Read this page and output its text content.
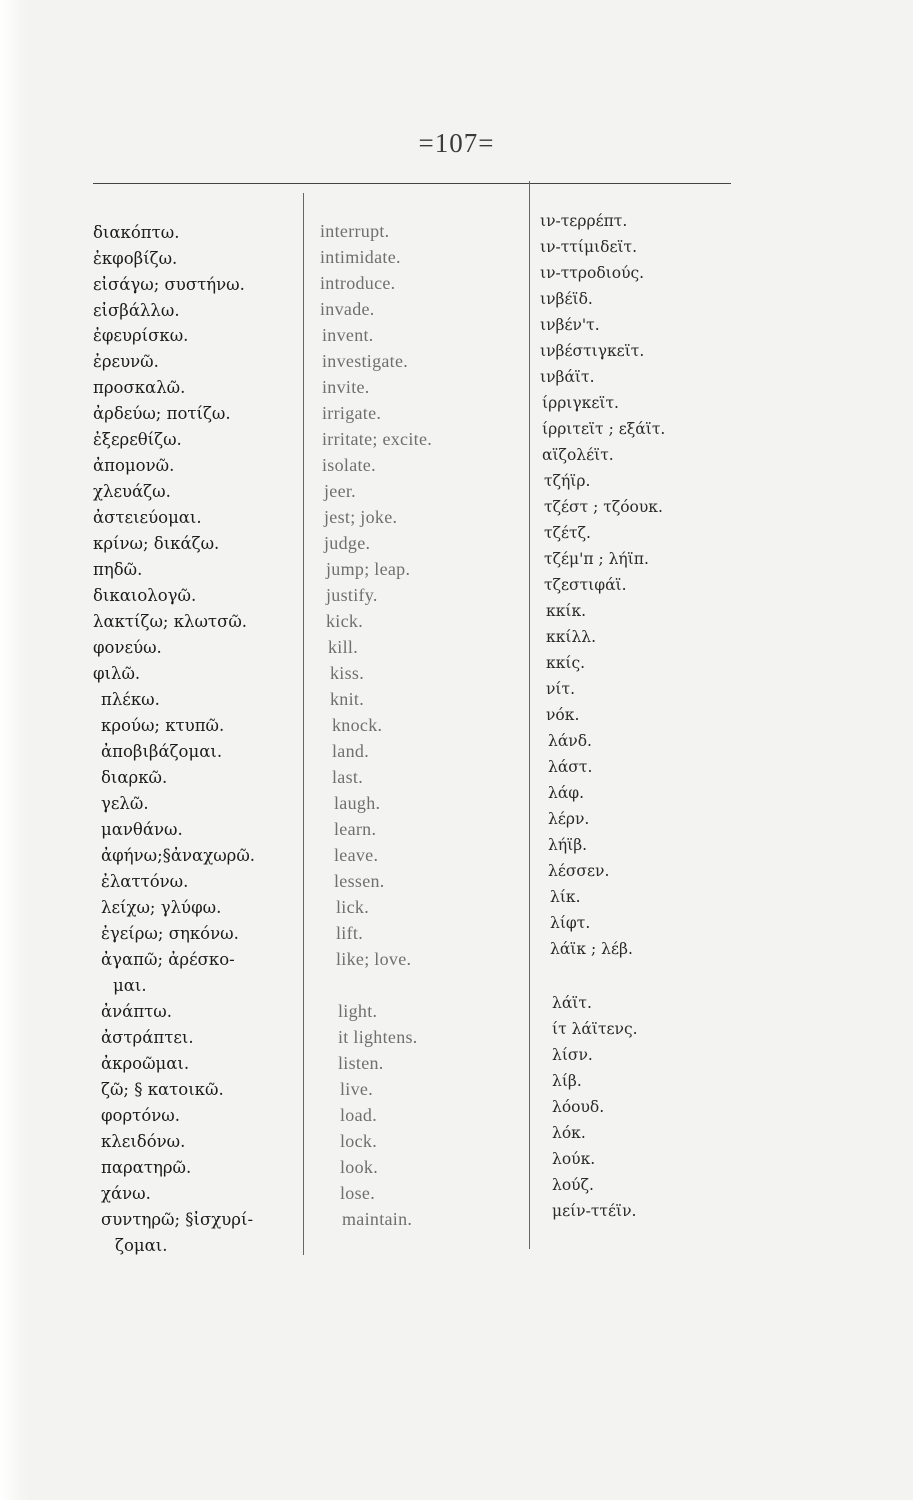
=107=
διακόπτω.
ἐκφοβίζω.
εἰσάγω; συστήνω.
εἰσβάλλω.
ἐφευρίσκω.
ἐρευνῶ.
προσκαλῶ.
ἀρδεύω; ποτίζω.
ἐξερεθίζω.
ἀπομονῶ.
χλευάζω.
ἀστειεύομαι.
κρίνω; δικάζω.
πηδῶ.
δικαιολογῶ.
λακτίζω; κλωτσῶ.
φονεύω.
φιλῶ.
πλέκω.
κρούω; κτυπῶ.
ἀποβιβάζομαι.
διαρκῶ.
γελῶ.
μανθάνω.
ἀφήνω;§ἀναχωρῶ.
ἐλαττόνω.
λείχω; γλύφω.
ἐγείρω; σηκόνω.
ἀγαπῶ; ἀρέσκο-
μαι.
ἀνάπτω.
ἀστράπτει.
ἀκροῶμαι.
ζῶ; § κατοικῶ.
φορτόνω.
κλειδόνω.
παρατηρῶ.
χάνω.
συντηρῶ; §ἰσχυρί-
ζομαι.
interrupt.
intimidate.
introduce.
invade.
invent.
investigate.
invite.
irrigate.
irritate; excite.
isolate.
jeer.
jest; joke.
judge.
jump; leap.
justify.
kick.
kill.
kiss.
knit.
knock.
land.
last.
laugh.
learn.
leave.
lessen.
lick.
lift.
like; love.
light.
it lightens.
listen.
live.
load.
lock.
look.
lose.
maintain.
ιν-τερρέπτ.
ιν-ττίμιδεϊτ.
ιν-ττροδιούς.
ινβέϊδ.
ινβέν'τ.
ινβέστιγκεϊτ.
ινβάϊτ.
ίρριγκεϊτ.
ίρριτεϊτ ; εξάϊτ.
αϊζολέϊτ.
τζήϊρ.
τζέστ ; τζόουκ.
τζέτζ.
τζέμ'π ; λήϊπ.
τζεστιφάϊ.
κκίκ.
κκίλλ.
κκίς.
νίτ.
νόκ.
λάνδ.
λάστ.
λάφ.
λέρν.
λήϊβ.
λέσσεν.
λίκ.
λίφτ.
λάϊκ ; λέβ.
λάϊτ.
ίτ λάϊτενς.
λίσν.
λίβ.
λόουδ.
λόκ.
λούκ.
λούζ.
μείν-ττέϊν.
